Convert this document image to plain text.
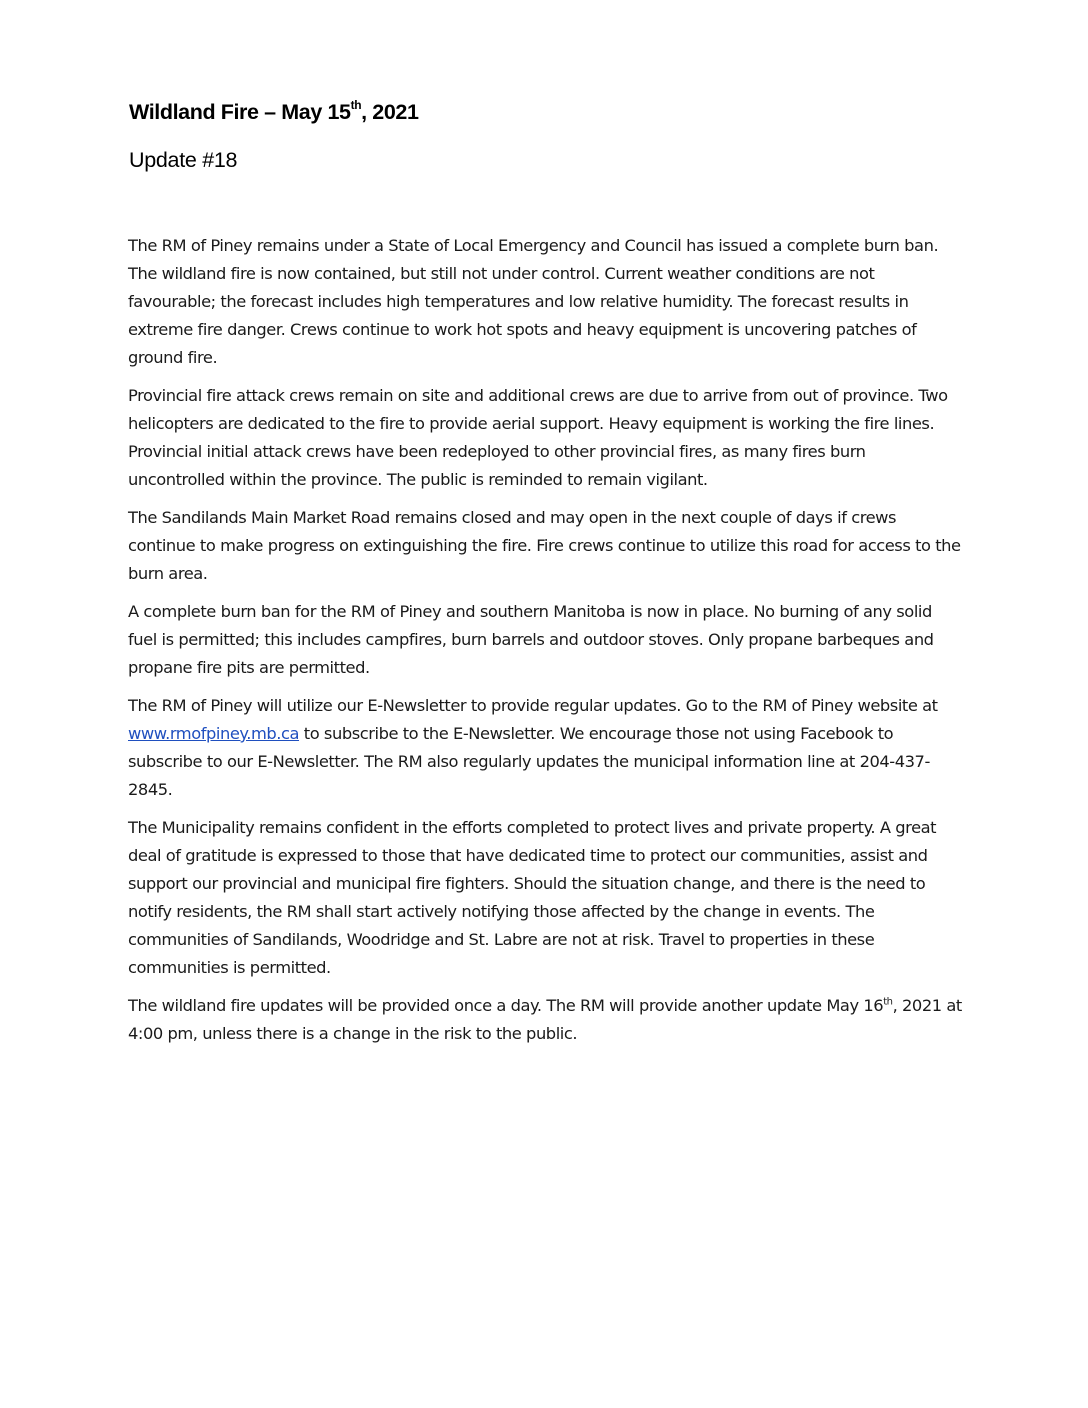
Wildland Fire – May 15th, 2021
Update #18

The RM of Piney remains under a State of Local Emergency and Council has issued a complete burn ban. The wildland fire is now contained, but still not under control. Current weather conditions are not favourable; the forecast includes high temperatures and low relative humidity. The forecast results in extreme fire danger. Crews continue to work hot spots and heavy equipment is uncovering patches of ground fire.

Provincial fire attack crews remain on site and additional crews are due to arrive from out of province. Two helicopters are dedicated to the fire to provide aerial support. Heavy equipment is working the fire lines. Provincial initial attack crews have been redeployed to other provincial fires, as many fires burn uncontrolled within the province. The public is reminded to remain vigilant.

The Sandilands Main Market Road remains closed and may open in the next couple of days if crews continue to make progress on extinguishing the fire. Fire crews continue to utilize this road for access to the burn area.

A complete burn ban for the RM of Piney and southern Manitoba is now in place. No burning of any solid fuel is permitted; this includes campfires, burn barrels and outdoor stoves. Only propane barbeques and propane fire pits are permitted.

The RM of Piney will utilize our E-Newsletter to provide regular updates. Go to the RM of Piney website at www.rmofpiney.mb.ca to subscribe to the E-Newsletter. We encourage those not using Facebook to subscribe to our E-Newsletter. The RM also regularly updates the municipal information line at 204-437-2845.

The Municipality remains confident in the efforts completed to protect lives and private property. A great deal of gratitude is expressed to those that have dedicated time to protect our communities, assist and support our provincial and municipal fire fighters. Should the situation change, and there is the need to notify residents, the RM shall start actively notifying those affected by the change in events. The communities of Sandilands, Woodridge and St. Labre are not at risk. Travel to properties in these communities is permitted.

The wildland fire updates will be provided once a day. The RM will provide another update May 16th, 2021 at 4:00 pm, unless there is a change in the risk to the public.
